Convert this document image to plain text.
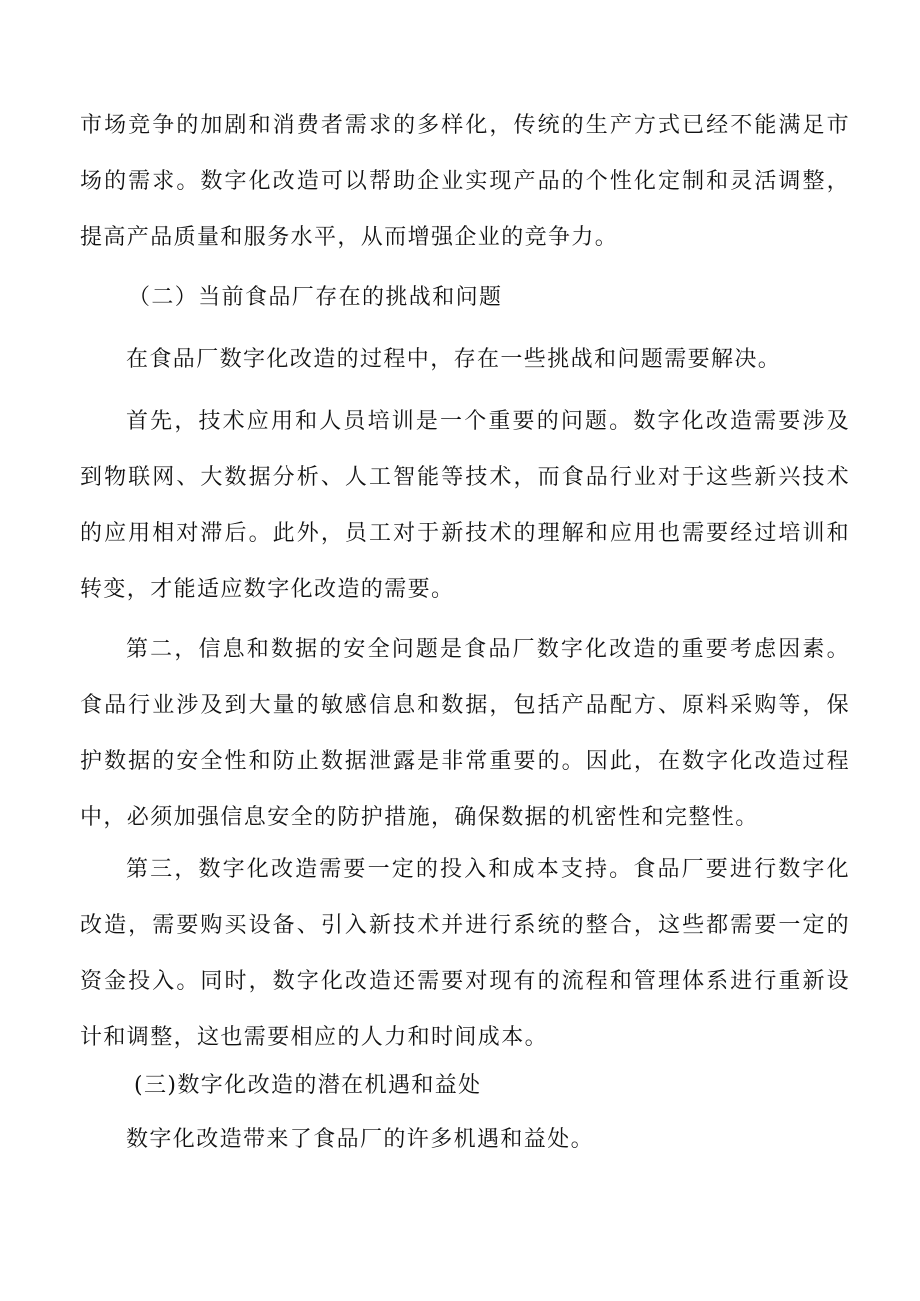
市场竞争的加剧和消费者需求的多样化，传统的生产方式已经不能满足市场的需求。数字化改造可以帮助企业实现产品的个性化定制和灵活调整，提高产品质量和服务水平，从而增强企业的竞争力。

（二）当前食品厂存在的挑战和问题

在食品厂数字化改造的过程中，存在一些挑战和问题需要解决。

首先，技术应用和人员培训是一个重要的问题。数字化改造需要涉及到物联网、大数据分析、人工智能等技术，而食品行业对于这些新兴技术的应用相对滞后。此外，员工对于新技术的理解和应用也需要经过培训和转变，才能适应数字化改造的需要。

第二，信息和数据的安全问题是食品厂数字化改造的重要考虑因素。食品行业涉及到大量的敏感信息和数据，包括产品配方、原料采购等，保护数据的安全性和防止数据泄露是非常重要的。因此，在数字化改造过程中，必须加强信息安全的防护措施，确保数据的机密性和完整性。

第三，数字化改造需要一定的投入和成本支持。食品厂要进行数字化改造，需要购买设备、引入新技术并进行系统的整合，这些都需要一定的资金投入。同时，数字化改造还需要对现有的流程和管理体系进行重新设计和调整，这也需要相应的人力和时间成本。

(三)数字化改造的潜在机遇和益处

数字化改造带来了食品厂的许多机遇和益处。
